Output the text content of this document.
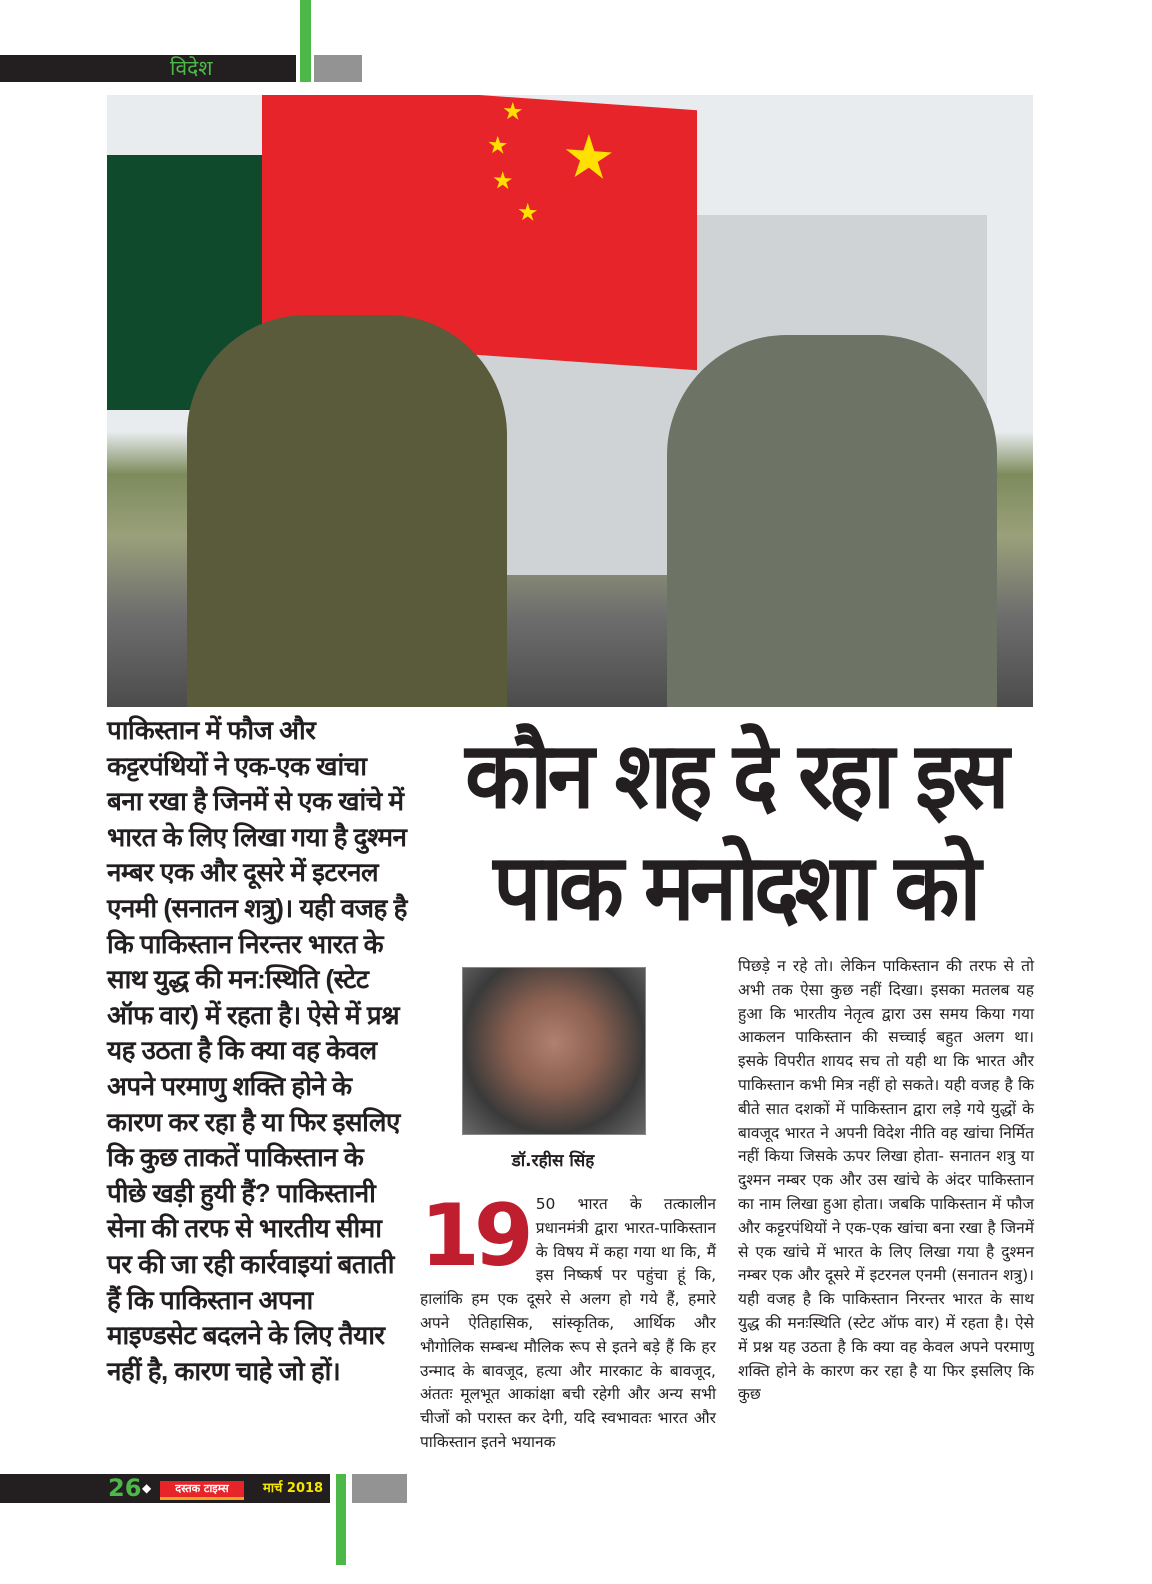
विदेश
★
★
★
★
★
पाकिस्तान में फौज और कट्टरपंथियों ने एक-एक खांचा बना रखा है जिनमें से एक खांचे में भारत के लिए लिखा गया है दुश्मन नम्बर एक और दूसरे में इटरनल एनमी (सनातन शत्रु)। यही वजह है कि पाकिस्तान निरन्तर भारत के साथ युद्ध की मन:स्थिति (स्टेट ऑफ वार) में रहता है। ऐसे में प्रश्न यह उठता है कि क्या वह केवल अपने परमाणु शक्ति होने के कारण कर रहा है या फिर इसलिए कि कुछ ताकतें पाकिस्तान के पीछे खड़ी हुयी हैं? पाकिस्तानी सेना की तरफ से भारतीय सीमा पर की जा रही कार्रवाइयां बताती हैं कि पाकिस्तान अपना माइण्डसेट बदलने के लिए तैयार नहीं है, कारण चाहे जो हों।
कौन शह दे रहा इस
पाक मनोदशा को
डॉ.रहीस सिंह
19 50 भारत के तत्कालीन प्रधानमंत्री द्वारा भारत-पाकिस्तान के विषय में कहा गया था कि, मैं इस निष्कर्ष पर पहुंचा हूं कि, हालांकि हम एक दूसरे से अलग हो गये हैं, हमारे अपने ऐतिहासिक, सांस्कृतिक, आर्थिक और भौगोलिक सम्बन्ध मौलिक रूप से इतने बड़े हैं कि हर उन्माद के बावजूद, हत्या और मारकाट के बावजूद, अंततः मूलभूत आकांक्षा बची रहेगी और अन्य सभी चीजों को परास्त कर देगी, यदि स्वभावतः भारत और पाकिस्तान इतने भयानक
पिछड़े न रहे तो। लेकिन पाकिस्तान की तरफ से तो अभी तक ऐसा कुछ नहीं दिखा। इसका मतलब यह हुआ कि भारतीय नेतृत्व द्वारा उस समय किया गया आकलन पाकिस्तान की सच्चाई बहुत अलग था। इसके विपरीत शायद सच तो यही था कि भारत और पाकिस्तान कभी मित्र नहीं हो सकते। यही वजह है कि बीते सात दशकों में पाकिस्तान द्वारा लड़े गये युद्धों के बावजूद भारत ने अपनी विदेश नीति वह खांचा निर्मित नहीं किया जिसके ऊपर लिखा होता- सनातन शत्रु या दुश्मन नम्बर एक और उस खांचे के अंदर पाकिस्तान का नाम लिखा हुआ होता। जबकि पाकिस्तान में फौज और कट्टरपंथियों ने एक-एक खांचा बना रखा है जिनमें से एक खांचे में भारत के लिए लिखा गया है दुश्मन नम्बर एक और दूसरे में इटरनल एनमी (सनातन शत्रु)। यही वजह है कि पाकिस्तान निरन्तर भारत के साथ युद्ध की मनःस्थिति (स्टेट ऑफ वार) में रहता है। ऐसे में प्रश्न यह उठता है कि क्या वह केवल अपने परमाणु शक्ति होने के कारण कर रहा है या फिर इसलिए कि कुछ
26 ◆	दस्तक टाइम्स	मार्च 2018
